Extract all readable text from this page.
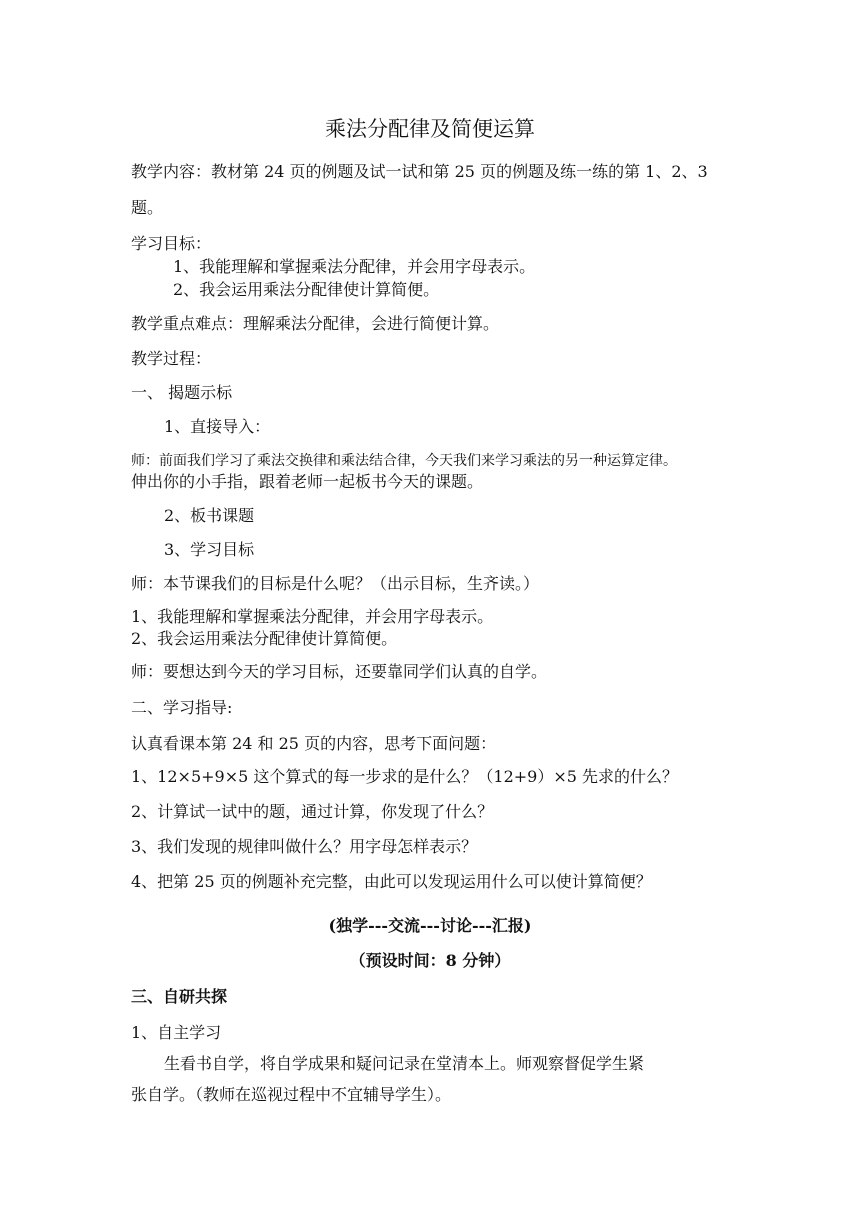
乘法分配律及简便运算
教学内容：教材第 24 页的例题及试一试和第 25 页的例题及练一练的第 1、2、3
题。
学习目标：
1、我能理解和掌握乘法分配律，并会用字母表示。
2、我会运用乘法分配律使计算简便。
教学重点难点：理解乘法分配律，会进行简便计算。
教学过程：
一、 揭题示标
1、直接导入：
师：前面我们学习了乘法交换律和乘法结合律，今天我们来学习乘法的另一种运算定律。
伸出你的小手指，跟着老师一起板书今天的课题。
2、板书课题
3、学习目标
师：本节课我们的目标是什么呢？（出示目标，生齐读。）
1、我能理解和掌握乘法分配律，并会用字母表示。
2、我会运用乘法分配律使计算简便。
师：要想达到今天的学习目标，还要靠同学们认真的自学。
二、学习指导:
认真看课本第 24 和 25 页的内容，思考下面问题：
1、12×5+9×5 这个算式的每一步求的是什么？（12+9）×5 先求的什么？
2、计算试一试中的题，通过计算，你发现了什么？
3、我们发现的规律叫做什么？用字母怎样表示？
4、把第 25 页的例题补充完整，由此可以发现运用什么可以使计算简便？
(独学---交流---讨论---汇报)
（预设时间：8 分钟）
三、自研共探
1、自主学习
生看书自学，将自学成果和疑问记录在堂清本上。师观察督促学生紧
张自学。（教师在巡视过程中不宜辅导学生）。
